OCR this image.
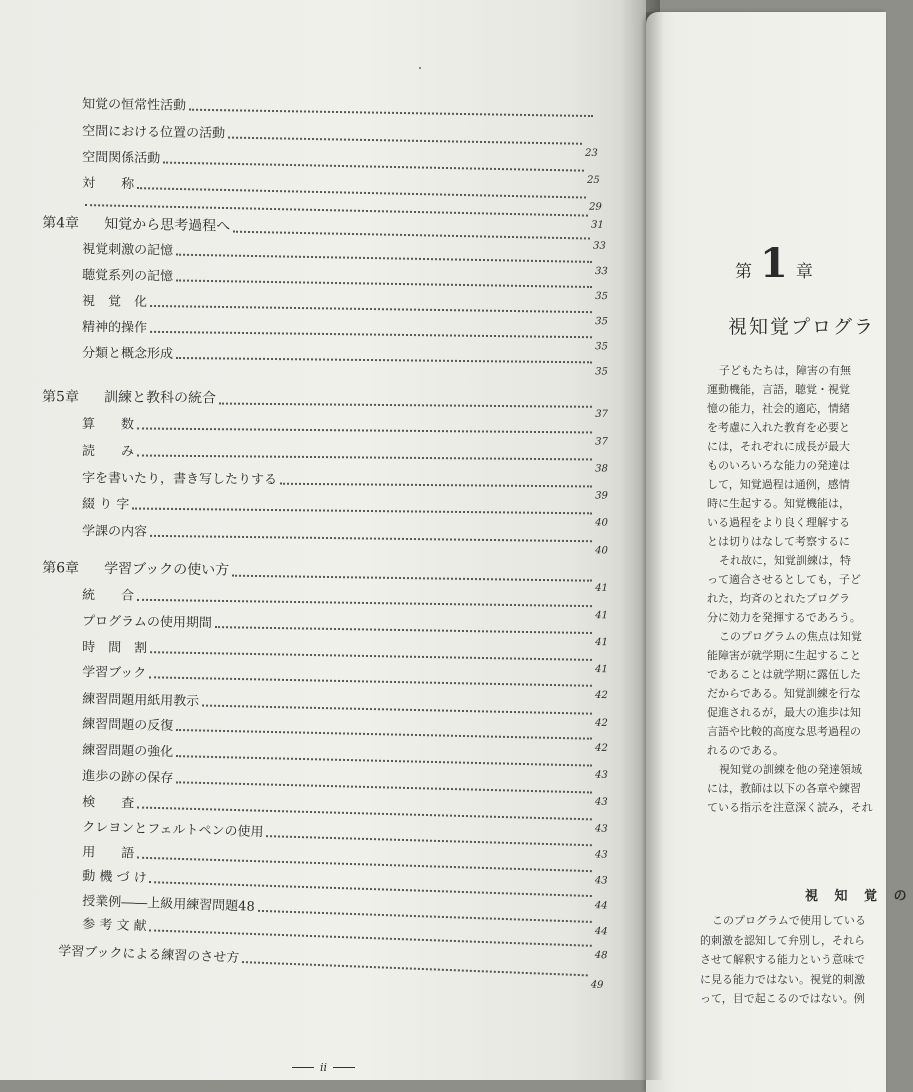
知覚の恒常性活動
空間における位置の活動
23
空間関係活動
25
対　　称
29
31
第4章 知覚から思考過程へ
33
視覚刺激の記憶
33
聴覚系列の記憶
35
視　覚　化
35
精神的操作
35
分類と概念形成
35
第5章 訓練と教科の統合
37
算　　数
37
読　　み
38
字を書いたり，書き写したりする
39
綴 り 字
40
学課の内容
40
第6章 学習ブックの使い方
41
統　　合
41
プログラムの使用期間
41
時　間　割
41
学習ブック
42
練習問題用紙用教示
42
練習問題の反復
42
練習問題の強化
43
進歩の跡の保存
43
検　　査
43
クレヨンとフェルトペンの使用
43
用　　語
43
動 機 づ け
44
授業例――上級用練習問題48
44
参 考 文 献
48
学習ブックによる練習のさせ方
49
ii
第 1 章
視知覚プログラ
子どもたちは，障害の有無
運動機能，言語，聴覚・視覚
憶の能力，社会的適応，情緒
を考慮に入れた教育を必要と
には，それぞれに成長が最大
ものいろいろな能力の発達は
して，知覚過程は通例，感情
時に生起する。知覚機能は，
いる過程をより良く理解する
とは切りはなして考察するに
それ故に，知覚訓練は，特
って適合させるとしても，子ど
れた，均斉のとれたプログラ
分に効力を発揮するであろう。
このプログラムの焦点は知覚
能障害が就学期に生起すること
であることは就学期に露伍した
だからである。知覚訓練を行な
促進されるが，最大の進歩は知
言語や比較的高度な思考過程の
れるのである。
視知覚の訓練を他の発達領域
には，教師は以下の各章や練習
ている指示を注意深く読み，それ
視 知 覚 の
このプログラムで使用している
的刺激を認知して弁別し，それら
させて解釈する能力という意味で
に見る能力ではない。視覚的刺激
って，目で起こるのではない。例
